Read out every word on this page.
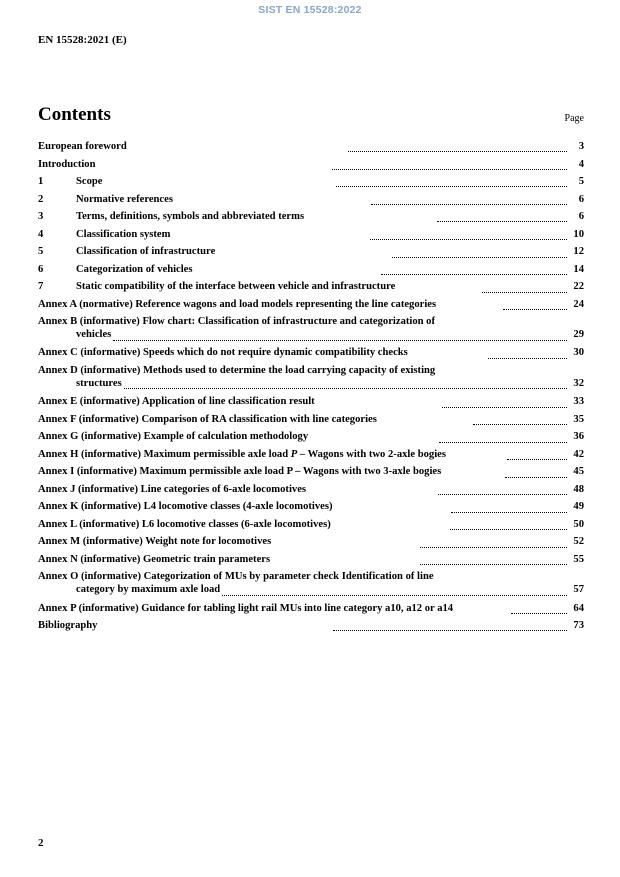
SIST EN 15528:2022
EN 15528:2021 (E)
Contents	Page
European foreword	3
Introduction	4
1	Scope	5
2	Normative references	6
3	Terms, definitions, symbols and abbreviated terms	6
4	Classification system	10
5	Classification of infrastructure	12
6	Categorization of vehicles	14
7	Static compatibility of the interface between vehicle and infrastructure	22
Annex A (normative) Reference wagons and load models representing the line categories	24
Annex B (informative) Flow chart: Classification of infrastructure and categorization of
vehicles	29
Annex C (informative) Speeds which do not require dynamic compatibility checks	30
Annex D (informative) Methods used to determine the load carrying capacity of existing
structures	32
Annex E (informative) Application of line classification result	33
Annex F (informative) Comparison of RA classification with line categories	35
Annex G (informative) Example of calculation methodology	36
Annex H (informative) Maximum permissible axle load P – Wagons with two 2-axle bogies	42
Annex I (informative) Maximum permissible axle load P – Wagons with two 3-axle bogies	45
Annex J (informative) Line categories of 6-axle locomotives	48
Annex K (informative) L4 locomotive classes (4-axle locomotives)	49
Annex L (informative) L6 locomotive classes (6-axle locomotives)	50
Annex M (informative) Weight note for locomotives	52
Annex N (informative) Geometric train parameters	55
Annex O (informative) Categorization of MUs by parameter check Identification of line
category by maximum axle load	57
Annex P (informative) Guidance for tabling light rail MUs into line category a10, a12 or a14	64
Bibliography	73
2
